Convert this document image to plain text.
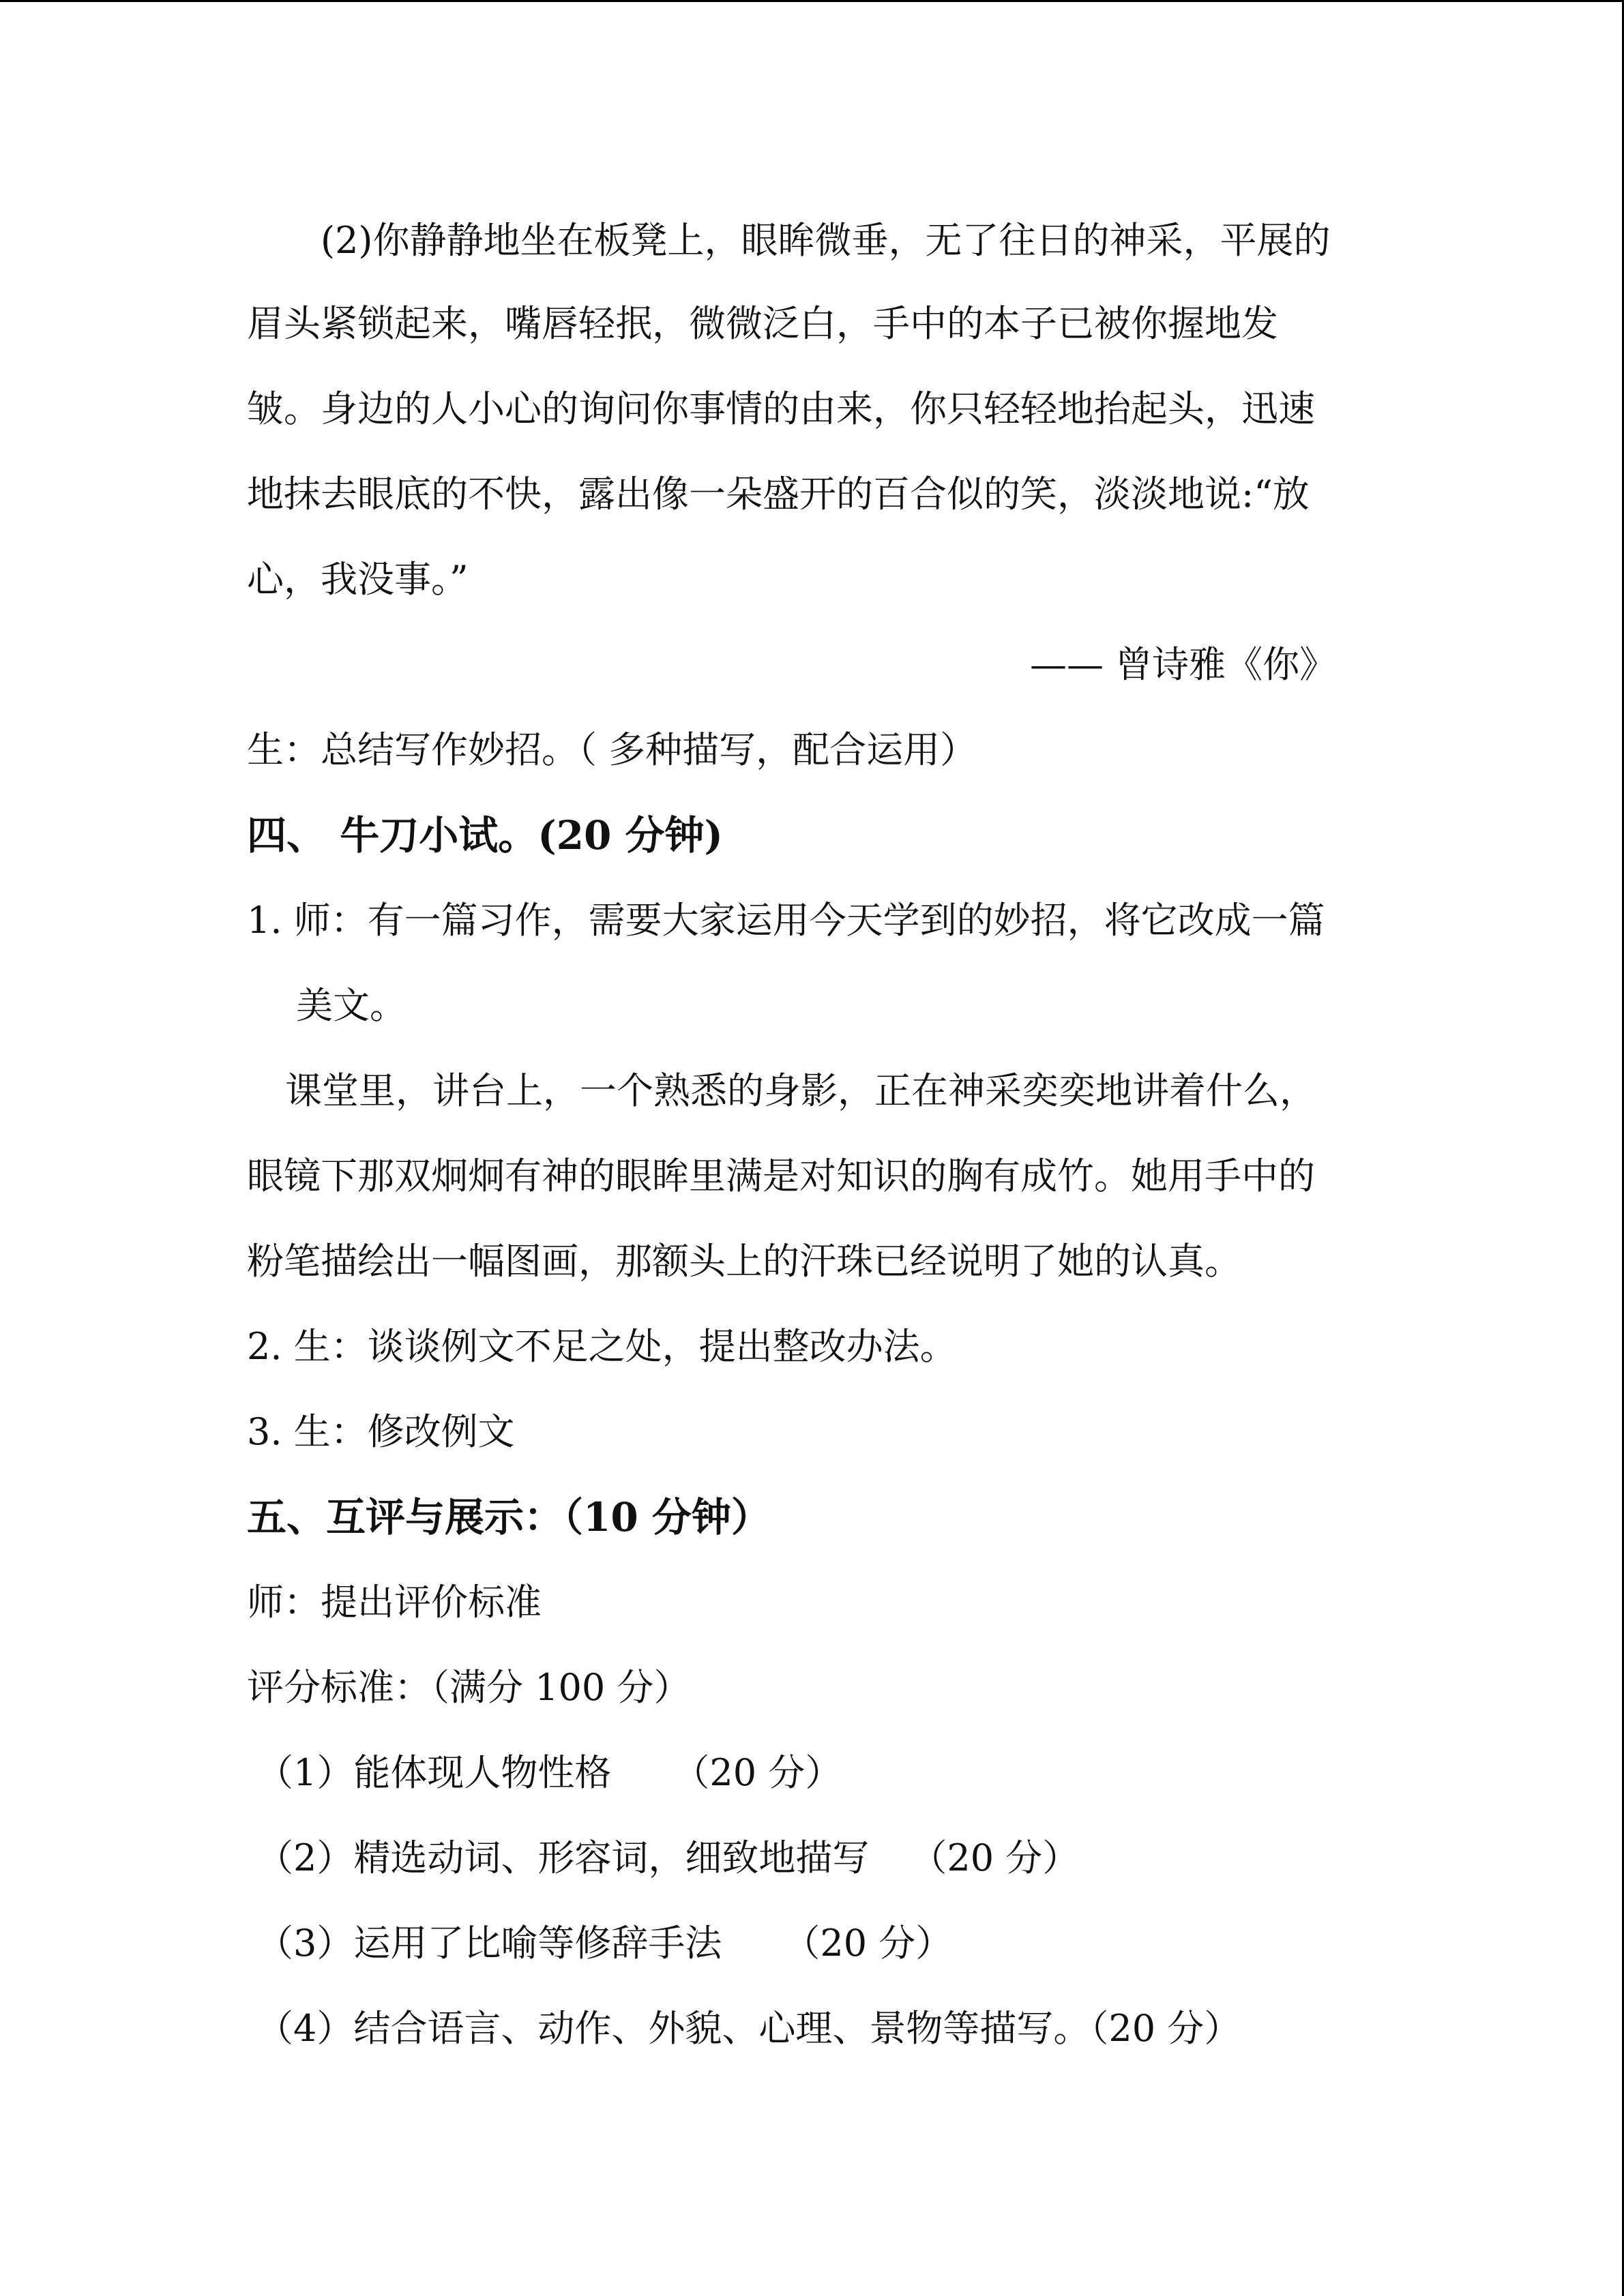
(2)你静静地坐在板凳上，眼眸微垂，无了往日的神采，平展的

眉头紧锁起来，嘴唇轻抿，微微泛白，手中的本子已被你握地发

皱。身边的人小心的询问你事情的由来，你只轻轻地抬起头，迅速

地抹去眼底的不快，露出像一朵盛开的百合似的笑，淡淡地说:“放

心，我没事。”

—— 曾诗雅《你》

生：总结写作妙招。（ 多种描写，配合运用）

四、 牛刀小试。(20 分钟)

1. 师：有一篇习作，需要大家运用今天学到的妙招，将它改成一篇

美文。

课堂里，讲台上，一个熟悉的身影，正在神采奕奕地讲着什么，

眼镜下那双炯炯有神的眼眸里满是对知识的胸有成竹。她用手中的

粉笔描绘出一幅图画，那额头上的汗珠已经说明了她的认真。

2. 生：谈谈例文不足之处，提出整改办法。

3. 生：修改例文

五、互评与展示：（10 分钟）

师：提出评价标准

评分标准：（满分 100 分）

（1）能体现人物性格 （20 分）

（2）精选动词、形容词，细致地描写 （20 分）

（3）运用了比喻等修辞手法 （20 分）

（4）结合语言、动作、外貌、心理、景物等描写。（20 分）
